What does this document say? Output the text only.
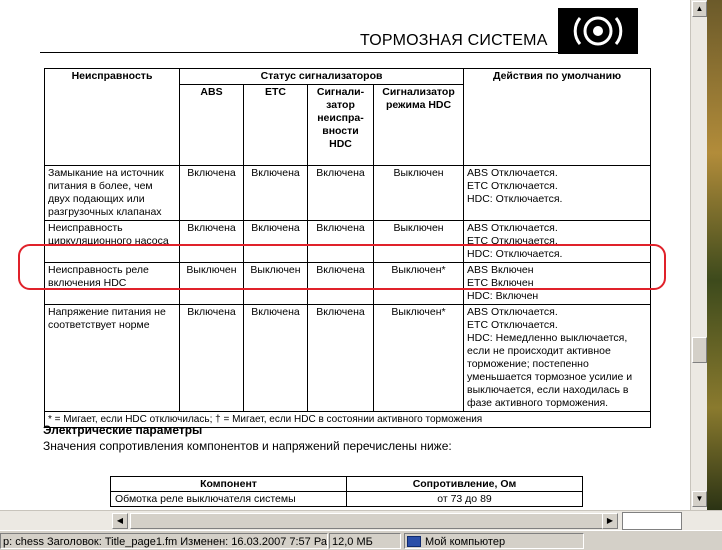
ТОРМОЗНАЯ СИСТЕМА
Неисправность	Статус сигнализаторов				Действия по умолчанию
	ABS	ETC	Сигнали-
затор
неиспра-
вности
HDC	Сигнализатор
режима HDC	
Замыкание на источник питания в более, чем двух подающих или разгрузочных клапанах	Включена	Включена	Включена	Выключен	ABS Отключается.
ETC Отключается.
HDC: Отключается.
Неисправность циркуляционного насоса	Включена	Включена	Включена	Выключен	ABS Отключается.
ETC Отключается.
HDC: Отключается.
Неисправность реле включения HDC	Выключен	Выключен	Включена	Выключен*	ABS Включен
ETC Включен
HDC: Включен
Напряжение питания не соответствует норме	Включена	Включена	Включена	Выключен*	ABS Отключается.
ETC Отключается.
HDC: Немедленно выключается, если не происходит активное торможение; постепенно уменьшается тормозное усилие и выключается, если находилась в фазе активного торможения.
* = Мигает, если HDC отключилась; † = Мигает, если HDC в состоянии активного торможения					
Электрические параметры
Значения сопротивления компонентов и напряжений перечислены ниже:
Компонент	Сопротивление, Ом
Обмотка реле выключателя системы	от 73 до 89
▲
▼
◀	▶
p: chess Заголовок: Title_page1.fm Изменен: 16.03.2007 7:57 Ра 12,0 МБ	Мой компьютер
